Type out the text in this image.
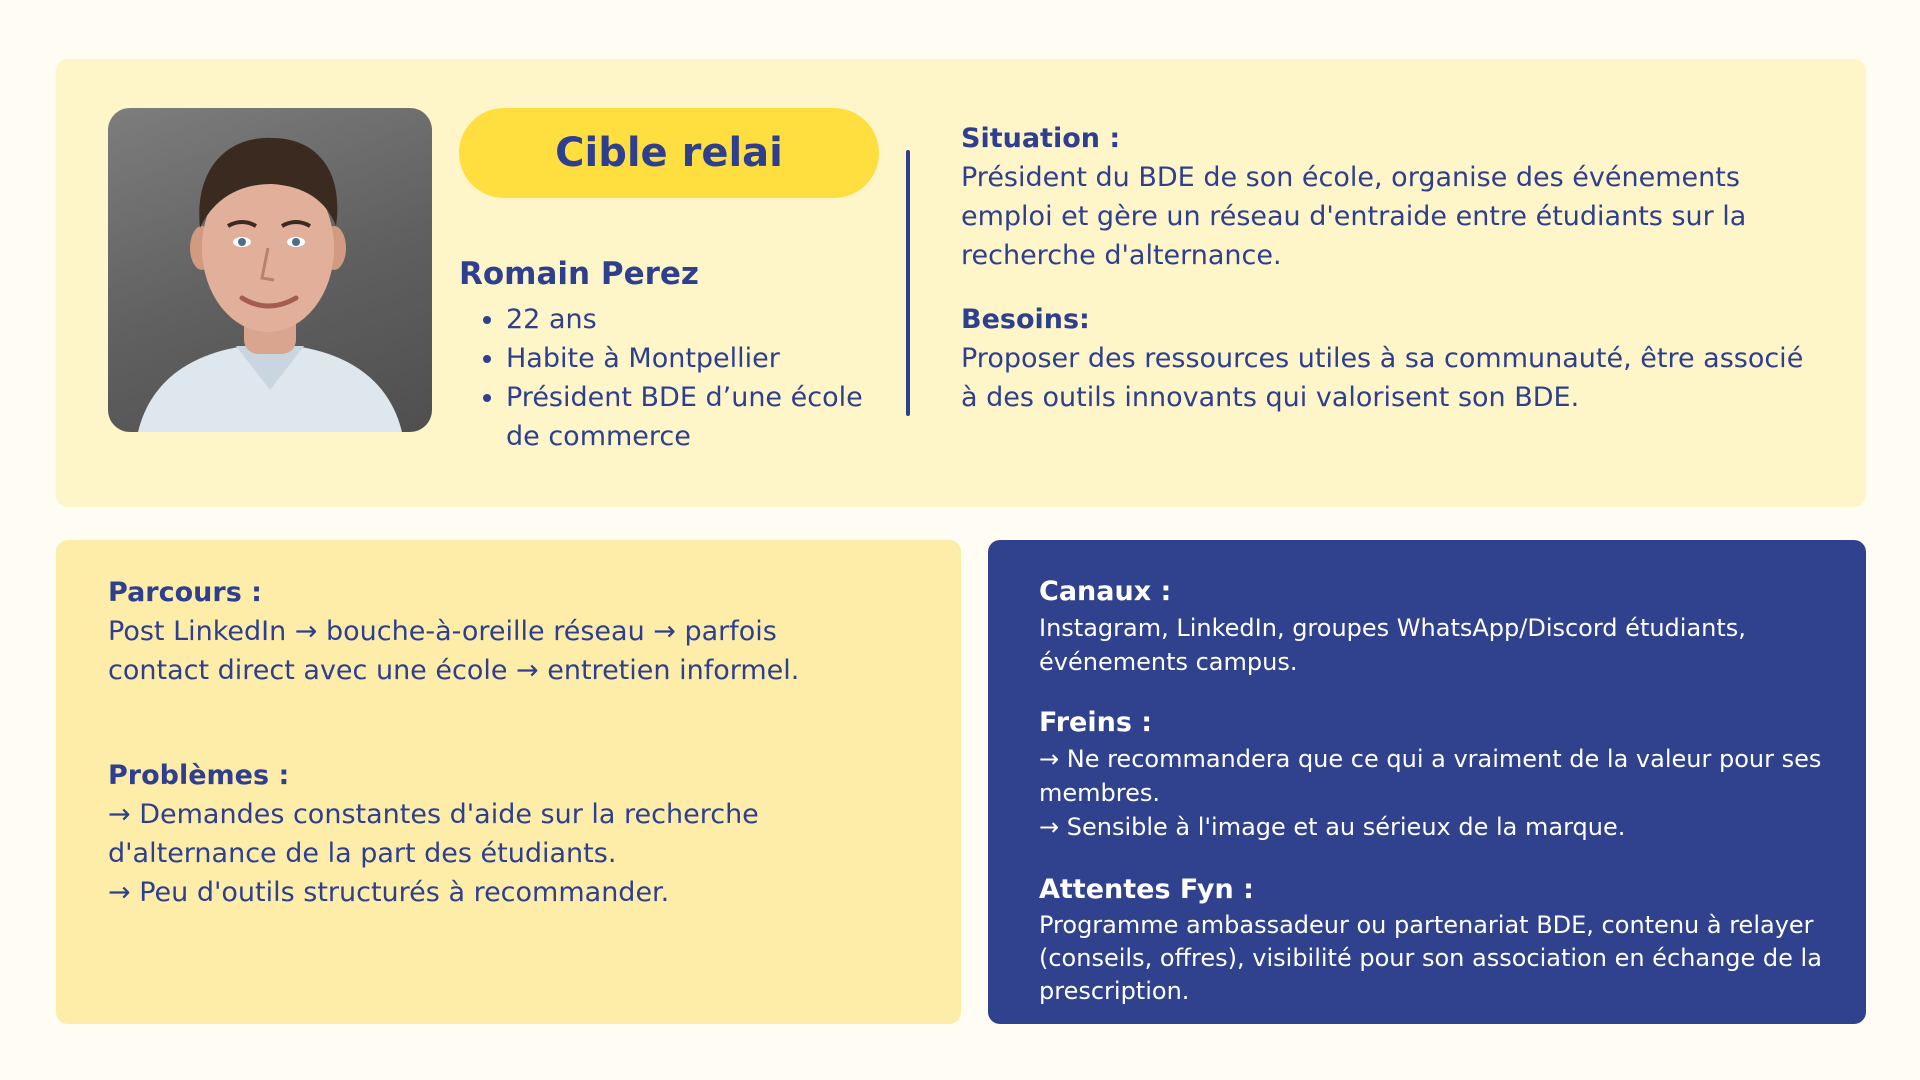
Cible relai

Romain Perez

• 22 ans
• Habite à Montpellier
• Président BDE d’une école de commerce

Situation :

Président du BDE de son école, organise des événements emploi et gère un réseau d'entraide entre étudiants sur la recherche d'alternance.

Besoins:

Proposer des ressources utiles à sa communauté, être associé à des outils innovants qui valorisent son BDE.

Parcours :

Post LinkedIn → bouche-à-oreille réseau → parfois contact direct avec une école → entretien informel.

Problèmes :

→ Demandes constantes d'aide sur la recherche d'alternance de la part des étudiants.

→ Peu d'outils structurés à recommander.

Canaux :

Instagram, LinkedIn, groupes WhatsApp/Discord étudiants, événements campus.

Freins :

→ Ne recommandera que ce qui a vraiment de la valeur pour ses membres.

→ Sensible à l'image et au sérieux de la marque.

Attentes Fyn :

Programme ambassadeur ou partenariat BDE, contenu à relayer (conseils, offres), visibilité pour son association en échange de la prescription.
